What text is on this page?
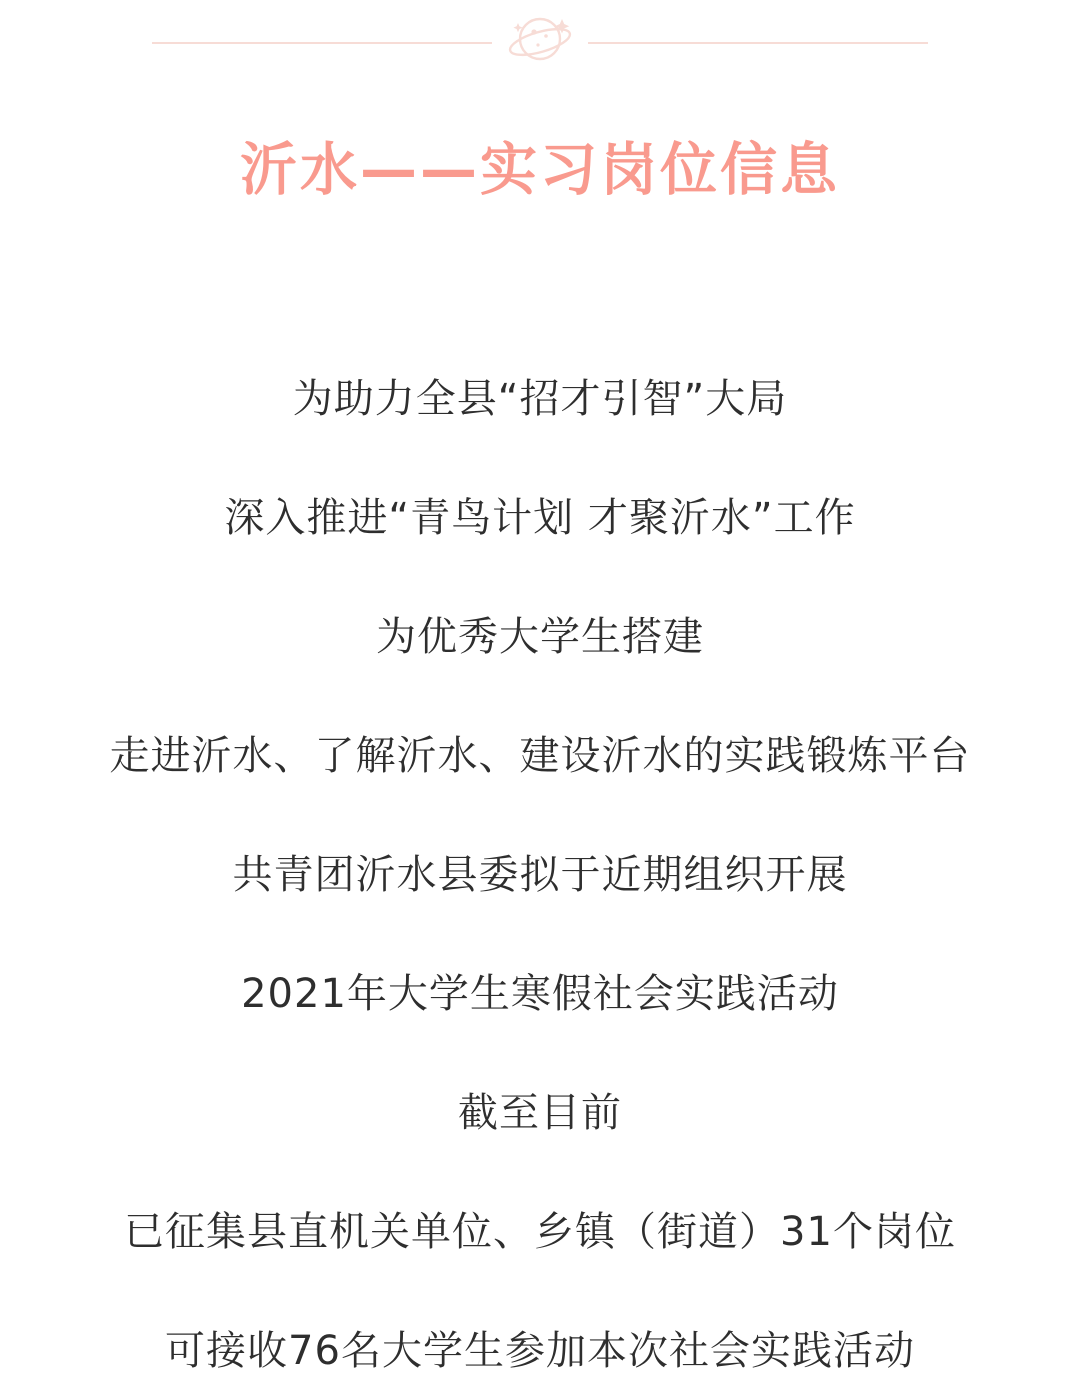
沂水——实习岗位信息

为助力全县“招才引智”大局

深入推进“青鸟计划 才聚沂水”工作

为优秀大学生搭建

走进沂水、了解沂水、建设沂水的实践锻炼平台

共青团沂水县委拟于近期组织开展

2021年大学生寒假社会实践活动

截至目前

已征集县直机关单位、乡镇（街道）31个岗位

可接收76名大学生参加本次社会实践活动
